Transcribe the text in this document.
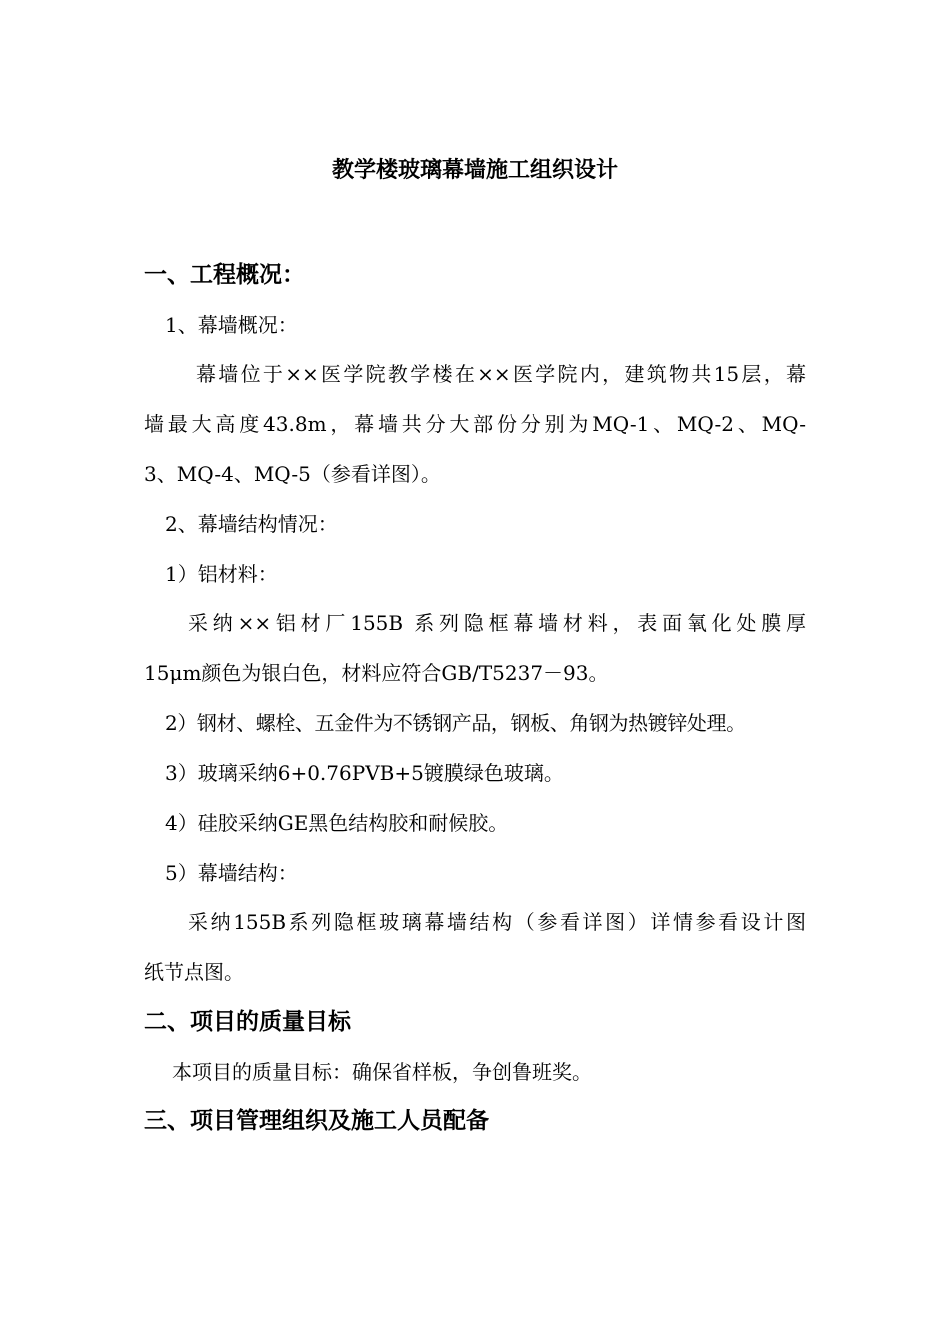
教学楼玻璃幕墙施工组织设计
一、工程概况：
1、幕墙概况：
幕墙位于××医学院教学楼在××医学院内，建筑物共15层，幕
墙最大高度43.8m，幕墙共分大部份分别为MQ-1、MQ-2、MQ-
3、MQ-4、MQ-5（参看详图）。
2、幕墙结构情况：
1）铝材料：
采纳××铝材厂155B 系列隐框幕墙材料，表面氧化处膜厚
15μm颜色为银白色，材料应符合GB/T5237－93。
2）钢材、螺栓、五金件为不锈钢产品，钢板、角钢为热镀锌处理。
3）玻璃采纳6+0.76PVB+5镀膜绿色玻璃。
4）硅胶采纳GE黑色结构胶和耐候胶。
5）幕墙结构：
采纳155B系列隐框玻璃幕墙结构（参看详图）详情参看设计图
纸节点图。
二、项目的质量目标
本项目的质量目标：确保省样板，争创鲁班奖。
三、项目管理组织及施工人员配备
